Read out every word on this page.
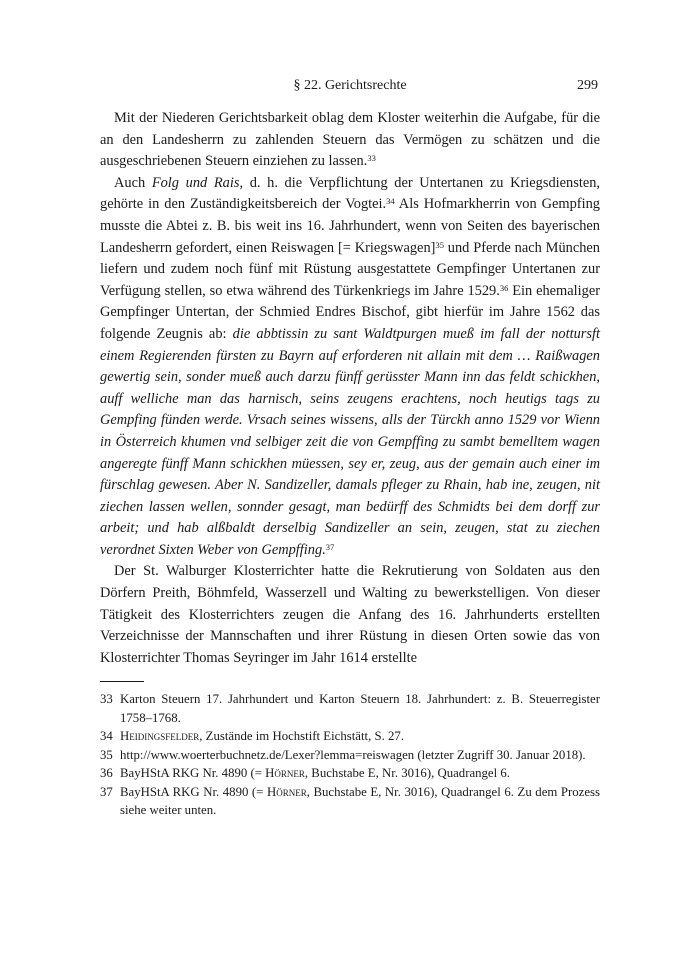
§ 22. Gerichtsrechte	299

Mit der Niederen Gerichtsbarkeit oblag dem Kloster weiterhin die Aufgabe, für die an den Landesherrn zu zahlenden Steuern das Vermögen zu schätzen und die ausgeschriebenen Steuern einziehen zu lassen.$^{33}$

Auch Folg und Rais, d. h. die Verpflichtung der Untertanen zu Kriegsdiensten, gehörte in den Zuständigkeitsbereich der Vogtei.$^{34}$ Als Hofmarkherrin von Gempfing musste die Abtei z. B. bis weit ins 16. Jahrhundert, wenn von Seiten des bayerischen Landesherrn gefordert, einen Reiswagen [= Kriegswagen]$^{35}$ und Pferde nach München liefern und zudem noch fünf mit Rüstung ausgestattete Gempfinger Untertanen zur Verfügung stellen, so etwa während des Türkenkriegs im Jahre 1529.36 Ein ehemaliger Gempfinger Untertan, der Schmied Endres Bischof, gibt hierfür im Jahre 1562 das folgende Zeugnis ab: die abbtissin zu sant Waldtpurgen mueß im fall der nottursft einem Regierenden fürsten zu Bayrn auf erforderen nit allain mit dem … Raißwagen gewertig sein, sonder mueß auch darzu fünff gerüsster Mann inn das feldt schickhen, auff welliche man das harnisch, seins zeugens erachtens, noch heutigs tags zu Gempfing fünden werde. Vrsach seines wissens, alls der Türckh anno 1529 vor Wienn in Österreich khumen vnd selbiger zeit die von Gempffing zu sambt bemelltem wagen angeregte fünff Mann schickhen müessen, sey er, zeug, aus der gemain auch einer im fürschlag gewesen. Aber N. Sandizeller, damals pfleger zu Rhain, hab ine, zeugen, nit ziechen lassen wellen, sonnder gesagt, man bedürff des Schmidts bei dem dorff zur arbeit; und hab alßbaldt derselbig Sandizeller an sein, zeugen, stat zu ziechen verordnet Sixten Weber von Gempffing.$^{37}$

Der St. Walburger Klosterrichter hatte die Rekrutierung von Soldaten aus den Dörfern Preith, Böhmfeld, Wasserzell und Walting zu bewerkstelligen. Von dieser Tätigkeit des Klosterrichters zeugen die Anfang des 16. Jahrhunderts erstellten Verzeichnisse der Mannschaften und ihrer Rüstung in diesen Orten sowie das von Klosterrichter Thomas Seyringer im Jahr 1614 erstellte

33 Karton Steuern 17. Jahrhundert und Karton Steuern 18. Jahrhundert: z. B. Steuerregister 1758–1768.
34 Heidingsfelder, Zustände im Hochstift Eichstätt, S. 27.
35 http://www.woerterbuchnetz.de/Lexer?lemma=reiswagen (letzter Zugriff 30. Januar 2018).
36 BayHStA RKG Nr. 4890 (= Hörner, Buchstabe E, Nr. 3016), Quadrangel 6.
37 BayHStA RKG Nr. 4890 (= Hörner, Buchstabe E, Nr. 3016), Quadrangel 6. Zu dem Prozess siehe weiter unten.
